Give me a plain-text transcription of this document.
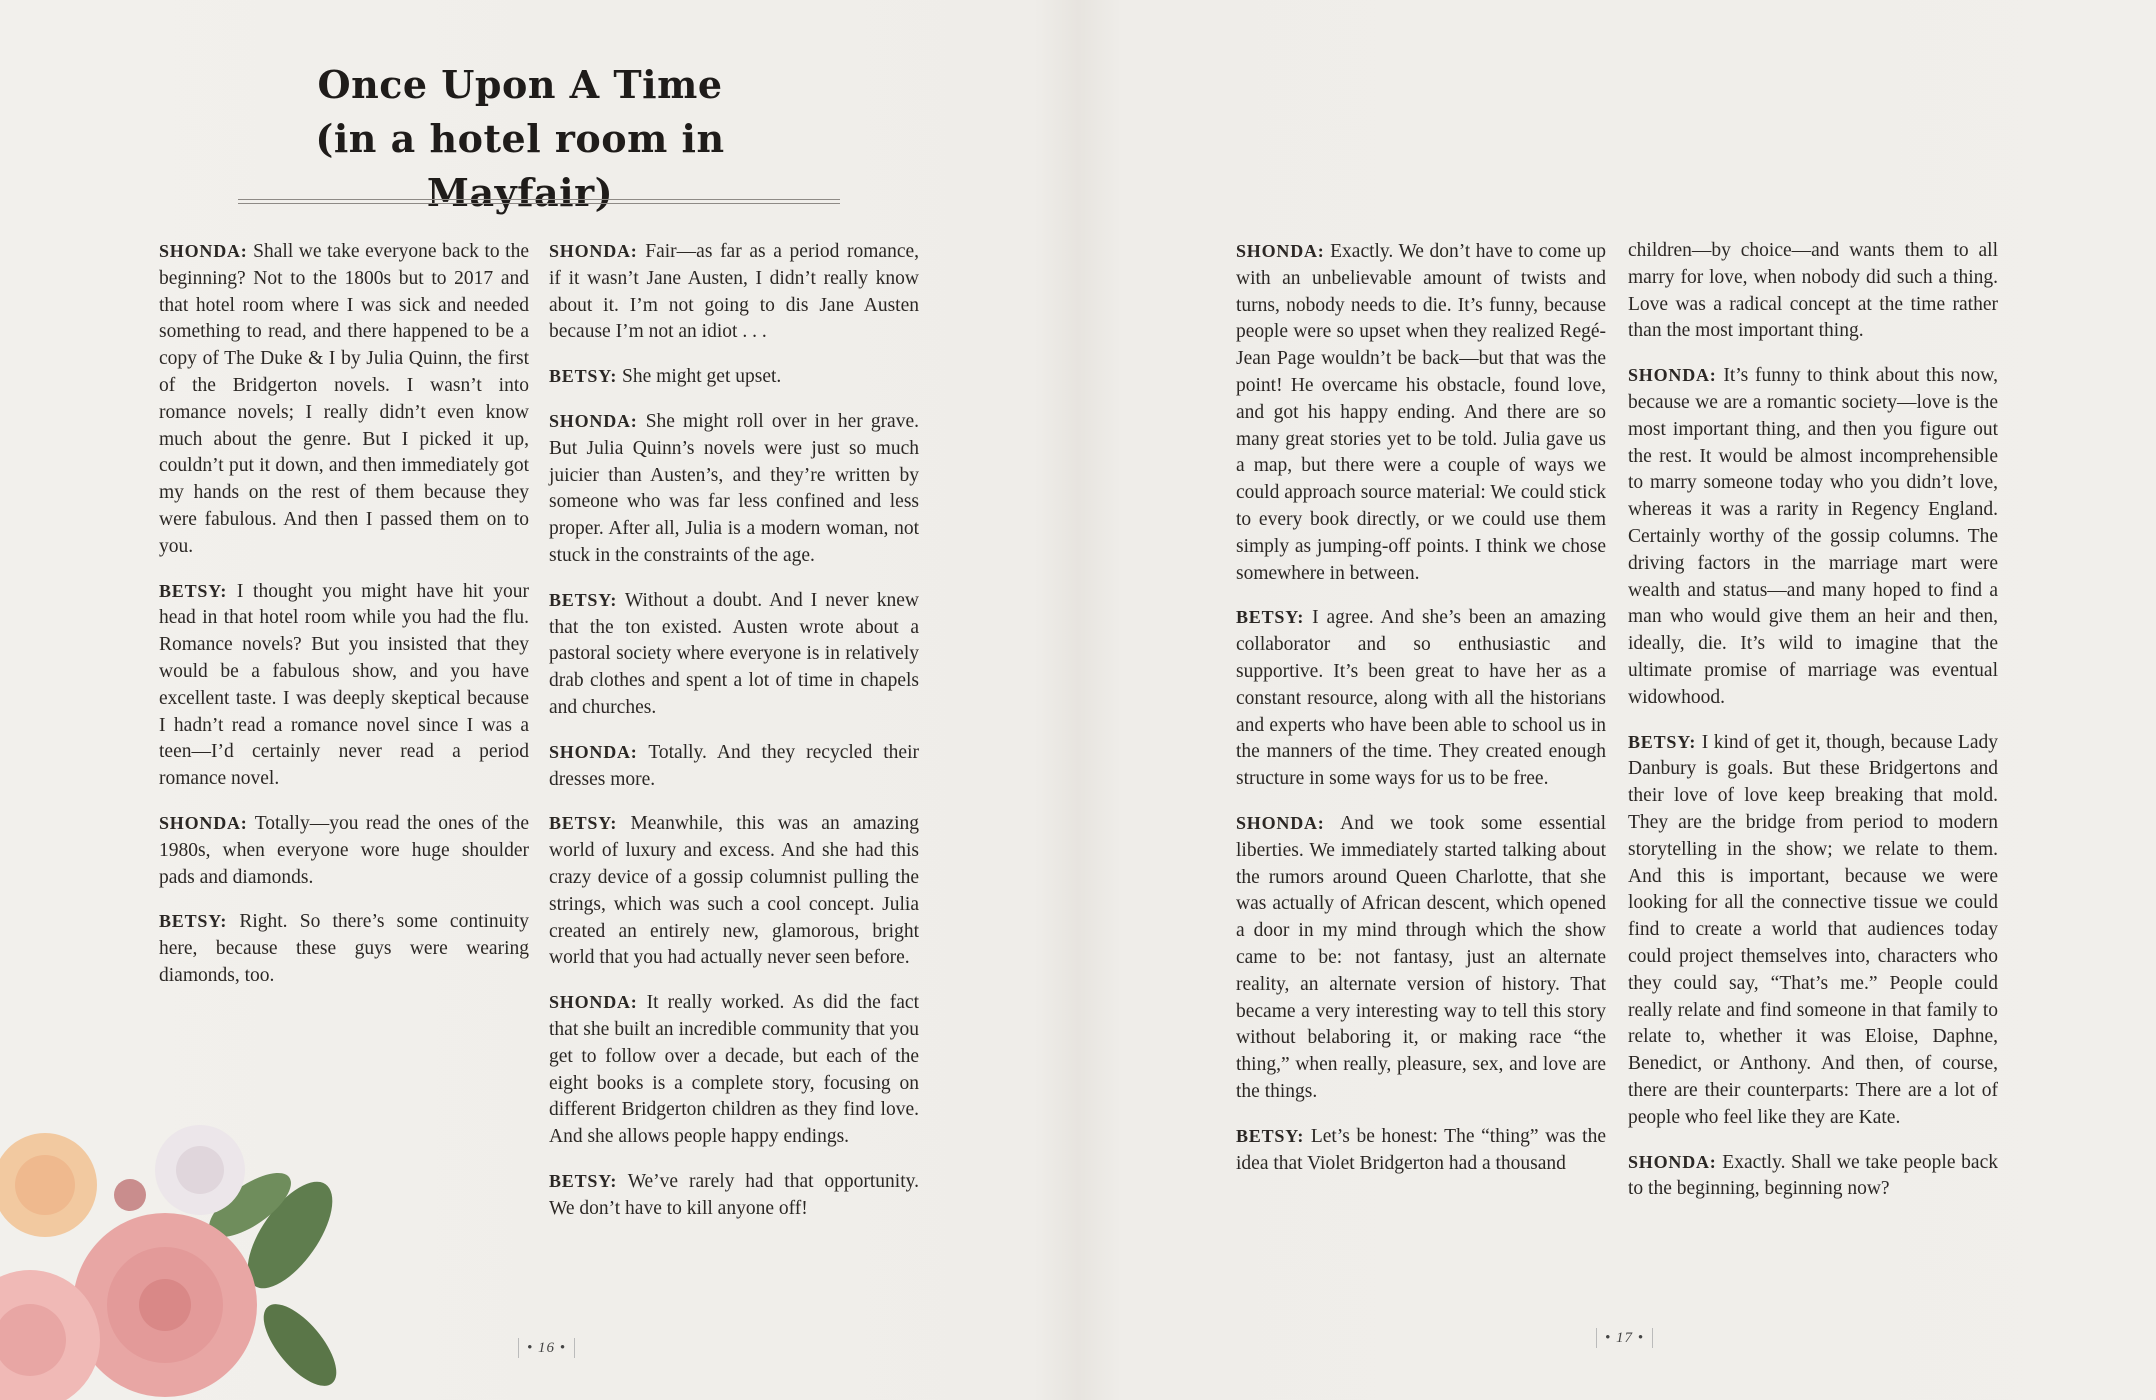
Once Upon A Time
(in a hotel room in Mayfair)

SHONDA: Shall we take everyone back to the beginning? Not to the 1800s but to 2017 and that hotel room where I was sick and needed something to read, and there happened to be a copy of The Duke & I by Julia Quinn, the first of the Bridgerton novels. I wasn’t into romance novels; I really didn’t even know much about the genre. But I picked it up, couldn’t put it down, and then immediately got my hands on the rest of them because they were fabulous. And then I passed them on to you.

BETSY: I thought you might have hit your head in that hotel room while you had the flu. Romance novels? But you insisted that they would be a fabulous show, and you have excellent taste. I was deeply skeptical because I hadn’t read a romance novel since I was a teen—I’d certainly never read a period romance novel.

SHONDA: Totally—you read the ones of the 1980s, when everyone wore huge shoulder pads and diamonds.

BETSY: Right. So there’s some continuity here, because these guys were wearing diamonds, too.

SHONDA: Fair—as far as a period romance, if it wasn’t Jane Austen, I didn’t really know about it. I’m not going to dis Jane Austen because I’m not an idiot . . .

BETSY: She might get upset.

SHONDA: She might roll over in her grave. But Julia Quinn’s novels were just so much juicier than Austen’s, and they’re written by someone who was far less confined and less proper. After all, Julia is a modern woman, not stuck in the constraints of the age.

BETSY: Without a doubt. And I never knew that the ton existed. Austen wrote about a pastoral society where everyone is in relatively drab clothes and spent a lot of time in chapels and churches.

SHONDA: Totally. And they recycled their dresses more.

BETSY: Meanwhile, this was an amazing world of luxury and excess. And she had this crazy device of a gossip columnist pulling the strings, which was such a cool concept. Julia created an entirely new, glamorous, bright world that you had actually never seen before.

SHONDA: It really worked. As did the fact that she built an incredible community that you get to follow over a decade, but each of the eight books is a complete story, focusing on different Bridgerton children as they find love. And she allows people happy endings.

BETSY: We’ve rarely had that opportunity. We don’t have to kill anyone off!

SHONDA: Exactly. We don’t have to come up with an unbelievable amount of twists and turns, nobody needs to die. It’s funny, because people were so upset when they realized Regé-Jean Page wouldn’t be back—but that was the point! He overcame his obstacle, found love, and got his happy ending. And there are so many great stories yet to be told. Julia gave us a map, but there were a couple of ways we could approach source material: We could stick to every book directly, or we could use them simply as jumping-off points. I think we chose somewhere in between.

BETSY: I agree. And she’s been an amazing collaborator and so enthusiastic and supportive. It’s been great to have her as a constant resource, along with all the historians and experts who have been able to school us in the manners of the time. They created enough structure in some ways for us to be free.

SHONDA: And we took some essential liberties. We immediately started talking about the rumors around Queen Charlotte, that she was actually of African descent, which opened a door in my mind through which the show came to be: not fantasy, just an alternate reality, an alternate version of history. That became a very interesting way to tell this story without belaboring it, or making race “the thing,” when really, pleasure, sex, and love are the things.

BETSY: Let’s be honest: The “thing” was the idea that Violet Bridgerton had a thousand

children—by choice—and wants them to all marry for love, when nobody did such a thing. Love was a radical concept at the time rather than the most important thing.

SHONDA: It’s funny to think about this now, because we are a romantic society—love is the most important thing, and then you figure out the rest. It would be almost incomprehensible to marry someone today who you didn’t love, whereas it was a rarity in Regency England. Certainly worthy of the gossip columns. The driving factors in the marriage mart were wealth and status—and many hoped to find a man who would give them an heir and then, ideally, die. It’s wild to imagine that the ultimate promise of marriage was eventual widowhood.

BETSY: I kind of get it, though, because Lady Danbury is goals. But these Bridgertons and their love of love keep breaking that mold. They are the bridge from period to modern storytelling in the show; we relate to them. And this is important, because we were looking for all the connective tissue we could find to create a world that audiences today could project themselves into, characters who they could say, “That’s me.” People could really relate and find someone in that family to relate to, whether it was Eloise, Daphne, Benedict, or Anthony. And then, of course, there are their counterparts: There are a lot of people who feel like they are Kate.

SHONDA: Exactly. Shall we take people back to the beginning, beginning now?

• 16 •
• 17 •
